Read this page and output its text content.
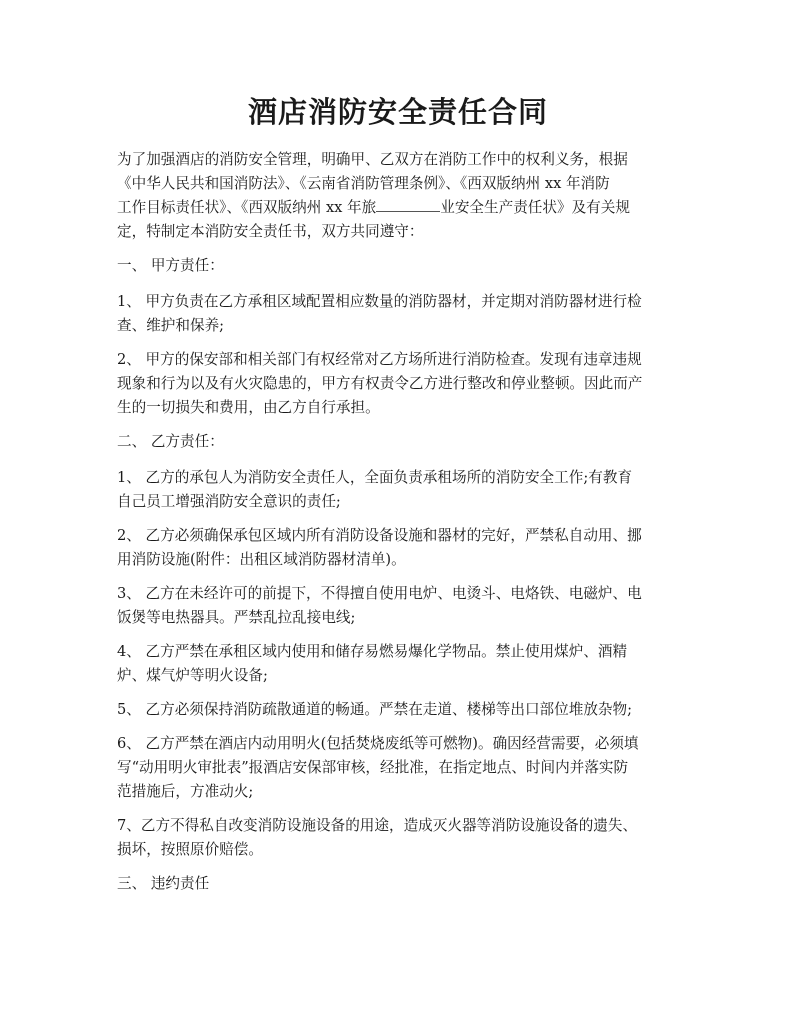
酒店消防安全责任合同

为了加强酒店的消防安全管理，明确甲、乙双方在消防工作中的权利义务，根据
《中华人民共和国消防法》、《云南省消防管理条例》、《西双版纳州 xx 年消防
工作目标责任状》、《西双版纳州 xx 年旅	业安全生产责任状》及有关规
定，特制定本消防安全责任书，双方共同遵守：

一、 甲方责任：

1、 甲方负责在乙方承租区域配置相应数量的消防器材，并定期对消防器材进行检
查、维护和保养;

2、 甲方的保安部和相关部门有权经常对乙方场所进行消防检查。发现有违章违规
现象和行为以及有火灾隐患的，甲方有权责令乙方进行整改和停业整顿。因此而产
生的一切损失和费用，由乙方自行承担。

二、 乙方责任：

1、 乙方的承包人为消防安全责任人，全面负责承租场所的消防安全工作;有教育
自己员工增强消防安全意识的责任;

2、 乙方必须确保承包区域内所有消防设备设施和器材的完好，严禁私自动用、挪
用消防设施(附件：出租区域消防器材清单)。

3、 乙方在未经许可的前提下，不得擅自使用电炉、电烫斗、电烙铁、电磁炉、电
饭煲等电热器具。严禁乱拉乱接电线;

4、 乙方严禁在承租区域内使用和储存易燃易爆化学物品。禁止使用煤炉、酒精
炉、煤气炉等明火设备;

5、 乙方必须保持消防疏散通道的畅通。严禁在走道、楼梯等出口部位堆放杂物;

6、 乙方严禁在酒店内动用明火(包括焚烧废纸等可燃物)。确因经营需要，必须填
写“动用明火审批表”报酒店安保部审核，经批准，在指定地点、时间内并落实防
范措施后，方准动火;

7、乙方不得私自改变消防设施设备的用途，造成灭火器等消防设施设备的遗失、
损坏，按照原价赔偿。

三、 违约责任
